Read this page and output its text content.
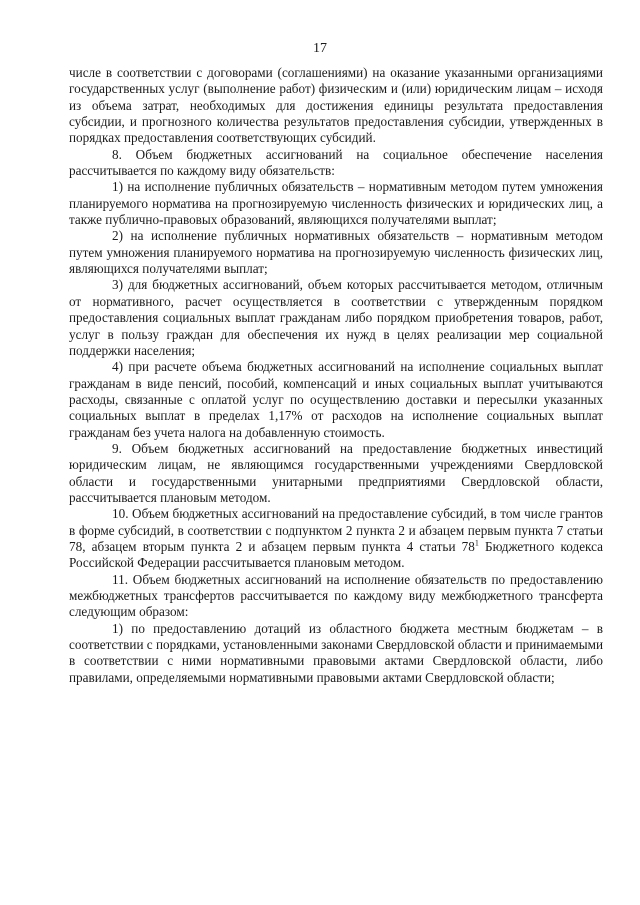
17

числе в соответствии с договорами (соглашениями) на оказание указанными организациями государственных услуг (выполнение работ) физическим и (или) юридическим лицам – исходя из объема затрат, необходимых для достижения единицы результата предоставления субсидии, и прогнозного количества результатов предоставления субсидии, утвержденных в порядках предоставления соответствующих субсидий.

8. Объем бюджетных ассигнований на социальное обеспечение населения рассчитывается по каждому виду обязательств:

1) на исполнение публичных обязательств – нормативным методом путем умножения планируемого норматива на прогнозируемую численность физических и юридических лиц, а также публично-правовых образований, являющихся получателями выплат;

2) на исполнение публичных нормативных обязательств – нормативным методом путем умножения планируемого норматива на прогнозируемую численность физических лиц, являющихся получателями выплат;

3) для бюджетных ассигнований, объем которых рассчитывается методом, отличным от нормативного, расчет осуществляется в соответствии с утвержденным порядком предоставления социальных выплат гражданам либо порядком приобретения товаров, работ, услуг в пользу граждан для обеспечения их нужд в целях реализации мер социальной поддержки населения;

4) при расчете объема бюджетных ассигнований на исполнение социальных выплат гражданам в виде пенсий, пособий, компенсаций и иных социальных выплат учитываются расходы, связанные с оплатой услуг по осуществлению доставки и пересылки указанных социальных выплат в пределах 1,17% от расходов на исполнение социальных выплат гражданам без учета налога на добавленную стоимость.

9. Объем бюджетных ассигнований на предоставление бюджетных инвестиций юридическим лицам, не являющимся государственными учреждениями Свердловской области и государственными унитарными предприятиями Свердловской области, рассчитывается плановым методом.

10. Объем бюджетных ассигнований на предоставление субсидий, в том числе грантов в форме субсидий, в соответствии с подпунктом 2 пункта 2 и абзацем первым пункта 7 статьи 78, абзацем вторым пункта 2 и абзацем первым пункта 4 статьи $78^1$ Бюджетного кодекса Российской Федерации рассчитывается плановым методом.

11. Объем бюджетных ассигнований на исполнение обязательств по предоставлению межбюджетных трансфертов рассчитывается по каждому виду межбюджетного трансферта следующим образом:

1) по предоставлению дотаций из областного бюджета местным бюджетам – в соответствии с порядками, установленными законами Свердловской области и принимаемыми в соответствии с ними нормативными правовыми актами Свердловской области, либо правилами, определяемыми нормативными правовыми актами Свердловской области;
